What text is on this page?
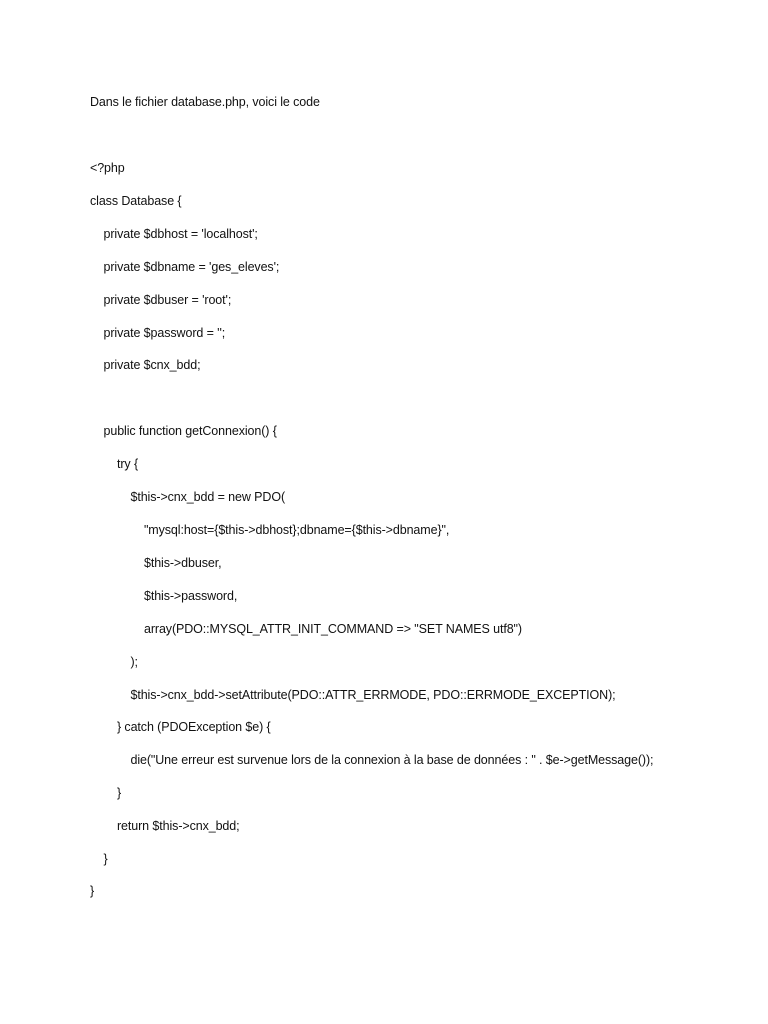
Dans le fichier database.php, voici le code
<?php
class Database {
private $dbhost = 'localhost';
private $dbname = 'ges_eleves';
private $dbuser = 'root';
private $password = '';
private $cnx_bdd;
public function getConnexion() {
try {
$this->cnx_bdd = new PDO(
"mysql:host={$this->dbhost};dbname={$this->dbname}",
$this->dbuser,
$this->password,
array(PDO::MYSQL_ATTR_INIT_COMMAND => "SET NAMES utf8")
);
$this->cnx_bdd->setAttribute(PDO::ATTR_ERRMODE, PDO::ERRMODE_EXCEPTION);
} catch (PDOException $e) {
die("Une erreur est survenue lors de la connexion à la base de données : " . $e->getMessage());
}
return $this->cnx_bdd;
}
}
